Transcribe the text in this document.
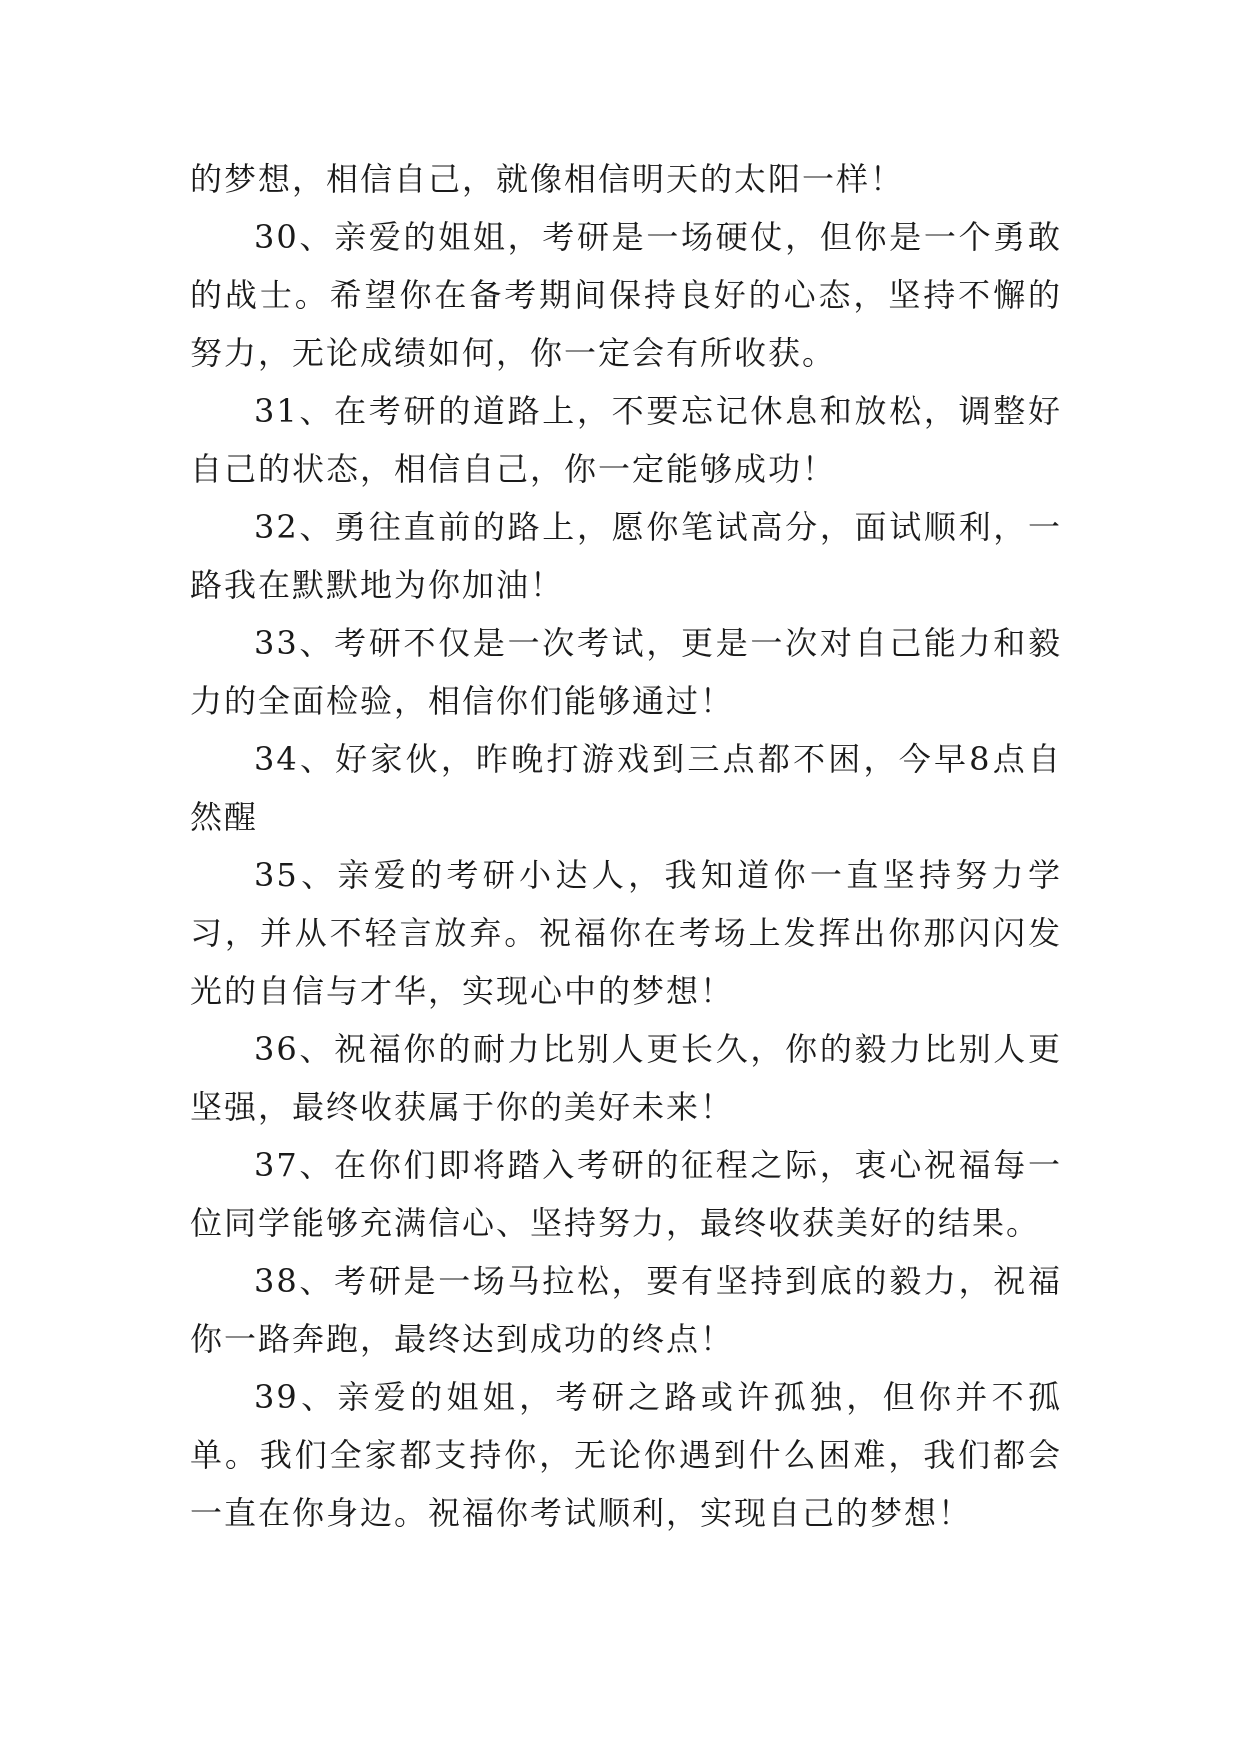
的梦想，相信自己，就像相信明天的太阳一样！

30、亲爱的姐姐，考研是一场硬仗，但你是一个勇敢的战士。希望你在备考期间保持良好的心态，坚持不懈的努力，无论成绩如何，你一定会有所收获。

31、在考研的道路上，不要忘记休息和放松，调整好自己的状态，相信自己，你一定能够成功！

32、勇往直前的路上，愿你笔试高分，面试顺利，一路我在默默地为你加油！

33、考研不仅是一次考试，更是一次对自己能力和毅力的全面检验，相信你们能够通过！

34、好家伙，昨晚打游戏到三点都不困，今早8点自然醒

35、亲爱的考研小达人，我知道你一直坚持努力学习，并从不轻言放弃。祝福你在考场上发挥出你那闪闪发光的自信与才华，实现心中的梦想！

36、祝福你的耐力比别人更长久，你的毅力比别人更坚强，最终收获属于你的美好未来！

37、在你们即将踏入考研的征程之际，衷心祝福每一位同学能够充满信心、坚持努力，最终收获美好的结果。

38、考研是一场马拉松，要有坚持到底的毅力，祝福你一路奔跑，最终达到成功的终点！

39、亲爱的姐姐，考研之路或许孤独，但你并不孤单。我们全家都支持你，无论你遇到什么困难，我们都会一直在你身边。祝福你考试顺利，实现自己的梦想！
